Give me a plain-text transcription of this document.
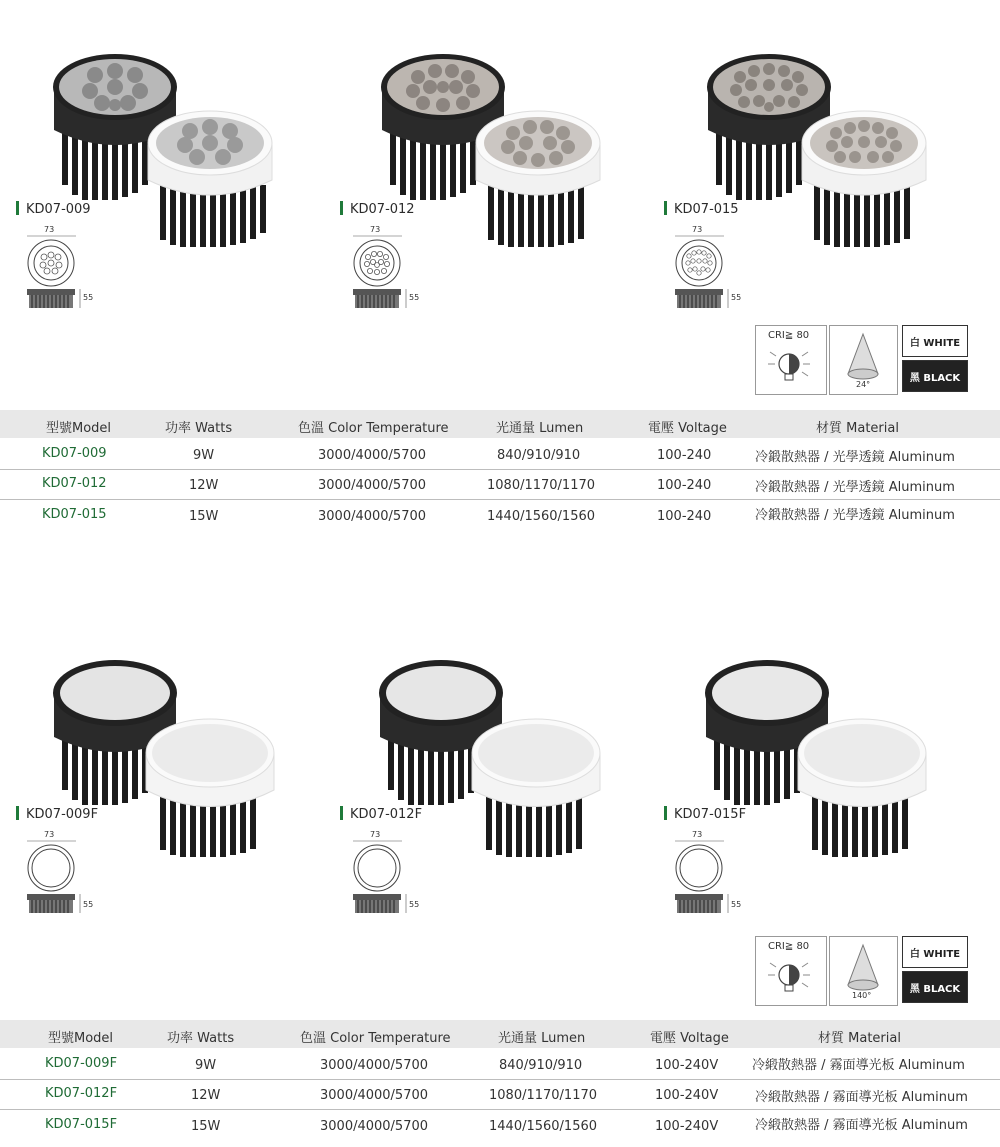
KD07-009	KD07-012	KD07-015
73
55
73
55
73
55
CRI≧ 80
24°
白 WHITE
黑 BLACK
型號Model	功率 Watts	色溫 Color Temperature	光通量 Lumen	電壓 Voltage	材質 Material
KD07-009	9W	3000/4000/5700	840/910/910	100-240	冷鍛散熱器 / 光學透鏡 Aluminum
KD07-012	12W	3000/4000/5700	1080/1170/1170	100-240	冷鍛散熱器 / 光學透鏡 Aluminum
KD07-015	15W	3000/4000/5700	1440/1560/1560	100-240	冷鍛散熱器 / 光學透鏡 Aluminum
KD07-009F	KD07-012F	KD07-015F
73
55
73
55
73
55
CRI≧ 80
140°
白 WHITE
黑 BLACK
型號Model	功率 Watts	色溫 Color Temperature	光通量 Lumen	電壓 Voltage	材質 Material
KD07-009F	9W	3000/4000/5700	840/910/910	100-240V	冷緞散熱器 / 霧面導光板 Aluminum
KD07-012F	12W	3000/4000/5700	1080/1170/1170	100-240V	冷緞散熱器 / 霧面導光板 Aluminum
KD07-015F	15W	3000/4000/5700	1440/1560/1560	100-240V	冷緞散熱器 / 霧面導光板 Aluminum
